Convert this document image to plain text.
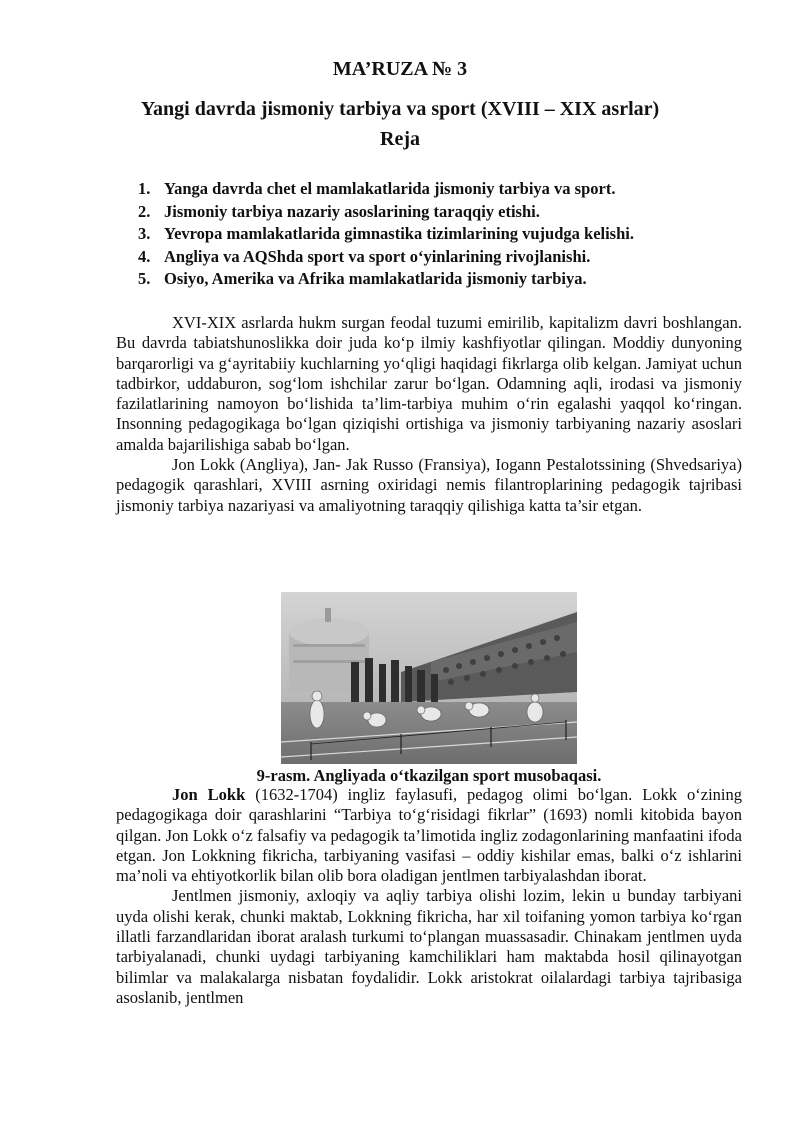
MA’RUZA № 3
Yangi davrda jismoniy tarbiya va sport (XVIII – XIX asrlar)
Reja
1. Yanga davrda chet el mamlakatlarida jismoniy tarbiya va sport.
2. Jismoniy tarbiya nazariy asoslarining taraqqiy etishi.
3. Yevropa mamlakatlarida gimnastika tizimlarining vujudga kelishi.
4. Angliya va AQShda sport va sport o‘yinlarining rivojlanishi.
5. Osiyo, Amerika va Afrika mamlakatlarida jismoniy tarbiya.

XVI-XIX asrlarda hukm surgan feodal tuzumi emirilib, kapitalizm davri boshlangan. Bu davrda tabiatshunoslikka doir juda ko‘p ilmiy kashfiyotlar qilingan. Moddiy dunyoning barqarorligi va g‘ayritabiiy kuchlarning yo‘qligi haqidagi fikrlarga olib kelgan. Jamiyat uchun tadbirkor, uddaburon, sog‘lom ishchilar zarur bo‘lgan. Odamning aqli, irodasi va jismoniy fazilatlarining namoyon bo‘lishida ta’lim-tarbiya muhim o‘rin egalashi yaqqol ko‘ringan. Insonning pedagogikaga bo‘lgan qiziqishi ortishiga va jismoniy tarbiyaning nazariy asoslari amalda bajarilishiga sabab bo‘lgan.

Jon Lokk (Angliya), Jan- Jak Russo (Fransiya), Iogann Pestalotssining (Shvedsariya) pedagogik qarashlari, XVIII asrning oxiridagi nemis filantroplarining pedagogik tajribasi jismoniy tarbiya nazariyasi va amaliyotning taraqqiy qilishiga katta ta’sir etgan.

9-rasm. Angliyada o‘tkazilgan sport musobaqasi.

Jon Lokk (1632-1704) ingliz faylasufi, pedagog olimi bo‘lgan. Lokk o‘zining pedagogikaga doir qarashlarini “Tarbiya to‘g‘risidagi fikrlar” (1693) nomli kitobida bayon qilgan. Jon Lokk o‘z falsafiy va pedagogik ta’limotida ingliz zodagonlarining manfaatini ifoda etgan. Jon Lokkning fikricha, tarbiyaning vasifasi – oddiy kishilar emas, balki o‘z ishlarini ma’noli va ehtiyotkorlik bilan olib bora oladigan jentlmen tarbiyalashdan iborat.

Jentlmen jismoniy, axloqiy va aqliy tarbiya olishi lozim, lekin u bunday tarbiyani uyda olishi kerak, chunki maktab, Lokkning fikricha, har xil toifaning yomon tarbiya ko‘rgan illatli farzandlaridan iborat aralash turkumi to‘plangan muassasadir. Chinakam jentlmen uyda tarbiyalanadi, chunki uydagi tarbiyaning kamchiliklari ham maktabda hosil qilinayotgan bilimlar va malakalarga nisbatan foydalidir. Lokk aristokrat oilalardagi tarbiya tajribasiga asoslanib, jentlmen
